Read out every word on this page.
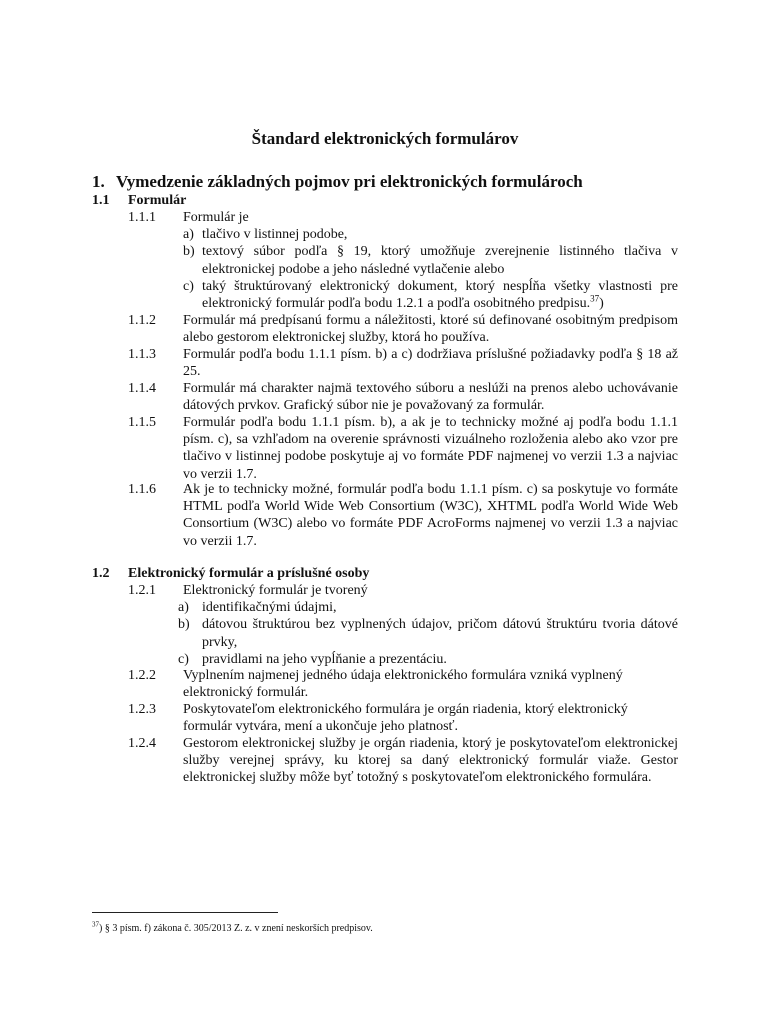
Štandard elektronických formulárov
1. Vymedzenie základných pojmov pri elektronických formulároch
1.1 Formulár
1.1.1 Formulár je
a) tlačivo v listinnej podobe,
b) textový súbor podľa § 19, ktorý umožňuje zverejnenie listinného tlačiva v elektronickej podobe a jeho následné vytlačenie alebo
c) taký štruktúrovaný elektronický dokument, ktorý nespĺňa všetky vlastnosti pre elektronický formulár podľa bodu 1.2.1 a podľa osobitného predpisu.$^{37}$)
1.1.2 Formulár má predpísanú formu a náležitosti, ktoré sú definované osobitným predpisom alebo gestorom elektronickej služby, ktorá ho používa.
1.1.3 Formulár podľa bodu 1.1.1 písm. b) a c) dodržiava príslušné požiadavky podľa § 18 až 25.
1.1.4 Formulár má charakter najmä textového súboru a neslúži na prenos alebo uchovávanie dátových prvkov. Grafický súbor nie je považovaný za formulár.
1.1.5 Formulár podľa bodu 1.1.1 písm. b), a ak je to technicky možné aj podľa bodu 1.1.1 písm. c), sa vzhľadom na overenie správnosti vizuálneho rozloženia alebo ako vzor pre tlačivo v listinnej podobe poskytuje aj vo formáte PDF najmenej vo verzii 1.3 a najviac vo verzii 1.7.
1.1.6 Ak je to technicky možné, formulár podľa bodu 1.1.1 písm. c) sa poskytuje vo formáte HTML podľa World Wide Web Consortium (W3C), XHTML podľa World Wide Web Consortium (W3C) alebo vo formáte PDF AcroForms najmenej vo verzii 1.3 a najviac vo verzii 1.7.
1.2 Elektronický formulár a príslušné osoby
1.2.1 Elektronický formulár je tvorený
a) identifikačnými údajmi,
b) dátovou štruktúrou bez vyplnených údajov, pričom dátovú štruktúru tvoria dátové prvky,
c) pravidlami na jeho vypĺňanie a prezentáciu.
1.2.2 Vyplnením najmenej jedného údaja elektronického formulára vzniká vyplnený elektronický formulár.
1.2.3 Poskytovateľom elektronického formulára je orgán riadenia, ktorý elektronický formulár vytvára, mení a ukončuje jeho platnosť.
1.2.4 Gestorom elektronickej služby je orgán riadenia, ktorý je poskytovateľom elektronickej služby verejnej správy, ku ktorej sa daný elektronický formulár viaže. Gestor elektronickej služby môže byť totožný s poskytovateľom elektronického formulára.
$^{37}$) § 3 písm. f) zákona č. 305/2013 Z. z. v znení neskorších predpisov.
